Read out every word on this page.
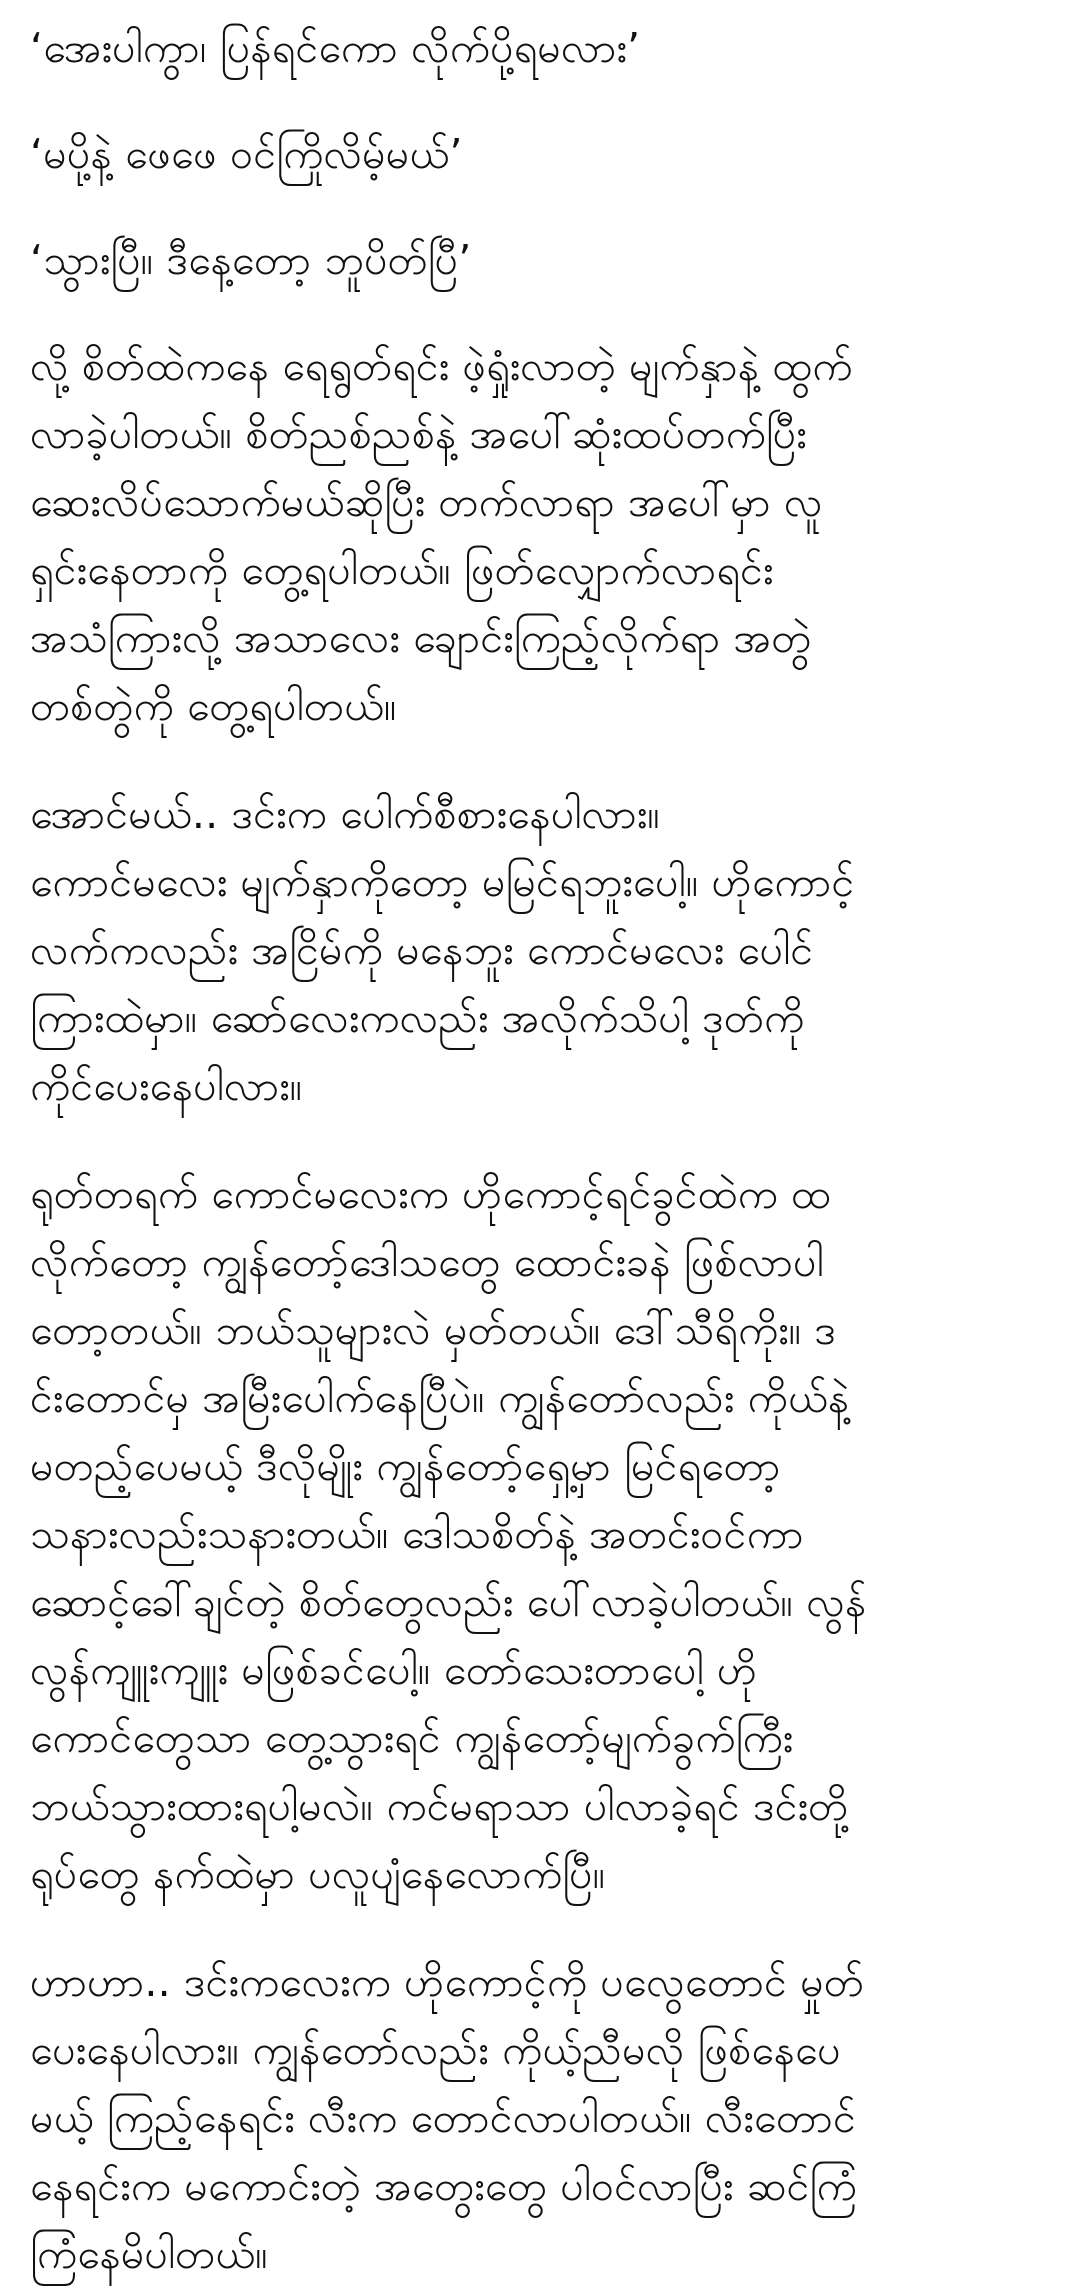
‘အေးပါကွာ၊ ပြန်ရင်ကော လိုက်ပို့ရမလား’
‘မပို့နဲ့ ဖေဖေ ဝင်ကြိုလိမ့်မယ်’
‘သွားပြီ။ ဒီနေ့တော့ ဘူပိတ်ပြီ’
လို့ စိတ်ထဲကနေ ရေရွတ်ရင်း ဖဲ့ရှုံးလာတဲ့ မျက်နှာနဲ့ ထွက်
လာခဲ့ပါတယ်။ စိတ်ညစ်ညစ်နဲ့ အပေါ်ဆုံးထပ်တက်ပြီး
ဆေးလိပ်သောက်မယ်ဆိုပြီး တက်လာရာ အပေါ်မှာ လူ
ရှင်းနေတာကို တွေ့ရပါတယ်။ ဖြတ်လျှောက်လာရင်း
အသံကြားလို့ အသာလေး ချောင်းကြည့်လိုက်ရာ အတွဲ
တစ်တွဲကို တွေ့ရပါတယ်။
အောင်မယ်.. ဒင်းက ပေါက်စီစားနေပါလား။
ကောင်မလေး မျက်နှာကိုတော့ မမြင်ရဘူးပေါ့။ ဟိုကောင့်
လက်ကလည်း အငြိမ်ကို မနေဘူး ကောင်မလေး ပေါင်
ကြားထဲမှာ။ ဆော်လေးကလည်း အလိုက်သိပါ့ ဒုတ်ကို
ကိုင်ပေးနေပါလား။
ရုတ်တရက် ကောင်မလေးက ဟိုကောင့်ရင်ခွင်ထဲက ထ
လိုက်တော့ ကျွန်တော့်ဒေါသတွေ ထောင်းခနဲ ဖြစ်လာပါ
တော့တယ်။ ဘယ်သူများလဲ မှတ်တယ်။ ဒေါ်သီရိကိုး။ ဒ
င်းတောင်မှ အမြီးပေါက်နေပြီပဲ။ ကျွန်တော်လည်း ကိုယ်နဲ့
မတည့်ပေမယ့် ဒီလိုမျိုး ကျွန်တော့်ရှေ့မှာ မြင်ရတော့
သနားလည်းသနားတယ်။ ဒေါသစိတ်နဲ့ အတင်းဝင်ကာ
ဆောင့်ခေါ်ချင်တဲ့ စိတ်တွေလည်း ပေါ်လာခဲ့ပါတယ်။ လွန်
လွန်ကျူးကျူး မဖြစ်ခင်ပေါ့။ တော်သေးတာပေါ့ ဟို
ကောင်တွေသာ တွေ့သွားရင် ကျွန်တော့်မျက်ခွက်ကြီး
ဘယ်သွားထားရပါ့မလဲ။ ကင်မရာသာ ပါလာခဲ့ရင် ဒင်းတို့
ရုပ်တွေ နက်ထဲမှာ ပလူပျံနေလောက်ပြီ။
ဟာဟာ.. ဒင်းကလေးက ဟိုကောင့်ကို ပလွေတောင် မှုတ်
ပေးနေပါလား။ ကျွန်တော်လည်း ကိုယ့်ညီမလို ဖြစ်နေပေ
မယ့် ကြည့်နေရင်း လီးက တောင်လာပါတယ်။ လီးတောင်
နေရင်းက မကောင်းတဲ့ အတွေးတွေ ပါဝင်လာပြီး ဆင်ကြံ
ကြံနေမိပါတယ်။
